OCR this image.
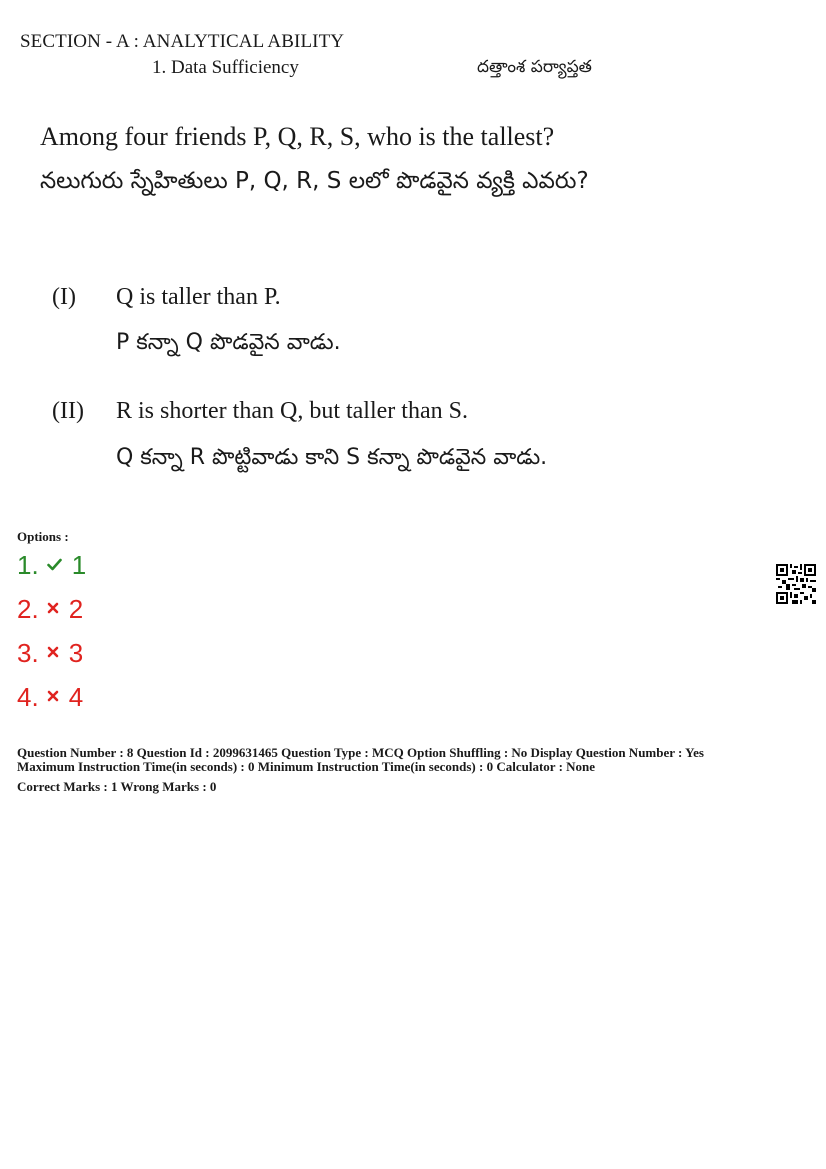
SECTION - A : ANALYTICAL ABILITY
1. Data Sufficiency	దత్తాంశ పర్యాప్తత
Among four friends P, Q, R, S, who is the tallest?
నలుగురు స్నేహితులు P, Q, R, S లలో పొడవైన వ్యక్తి ఎవరు?
(I) Q is taller than P.
P కన్నా Q పొడవైన వాడు.
(II) R is shorter than Q, but taller than S.
Q కన్నా R పొట్టివాడు కాని S కన్నా పొడవైన వాడు.
Options :
1. 1
2. 2
3. 3
4. 4
Question Number : 8 Question Id : 2099631465 Question Type : MCQ Option Shuffling : No Display Question Number : Yes
Maximum Instruction Time(in seconds) : 0 Minimum Instruction Time(in seconds) : 0 Calculator : None
Correct Marks : 1 Wrong Marks : 0
